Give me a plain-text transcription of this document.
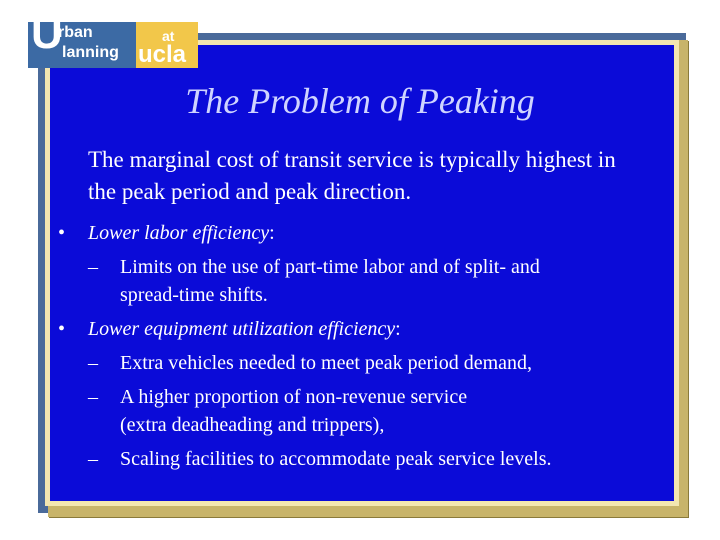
U
rban
lanning
at
ucla
The Problem of Peaking
The marginal cost of transit service is typically highest in the peak period and peak direction.
• Lower labor efficiency:
– Limits on the use of part-time labor and of split- and
spread-time shifts.
• Lower equipment utilization efficiency:
– Extra vehicles needed to meet peak period demand,
– A higher proportion of non-revenue service
(extra deadheading and trippers),
– Scaling facilities to accommodate peak service levels.
